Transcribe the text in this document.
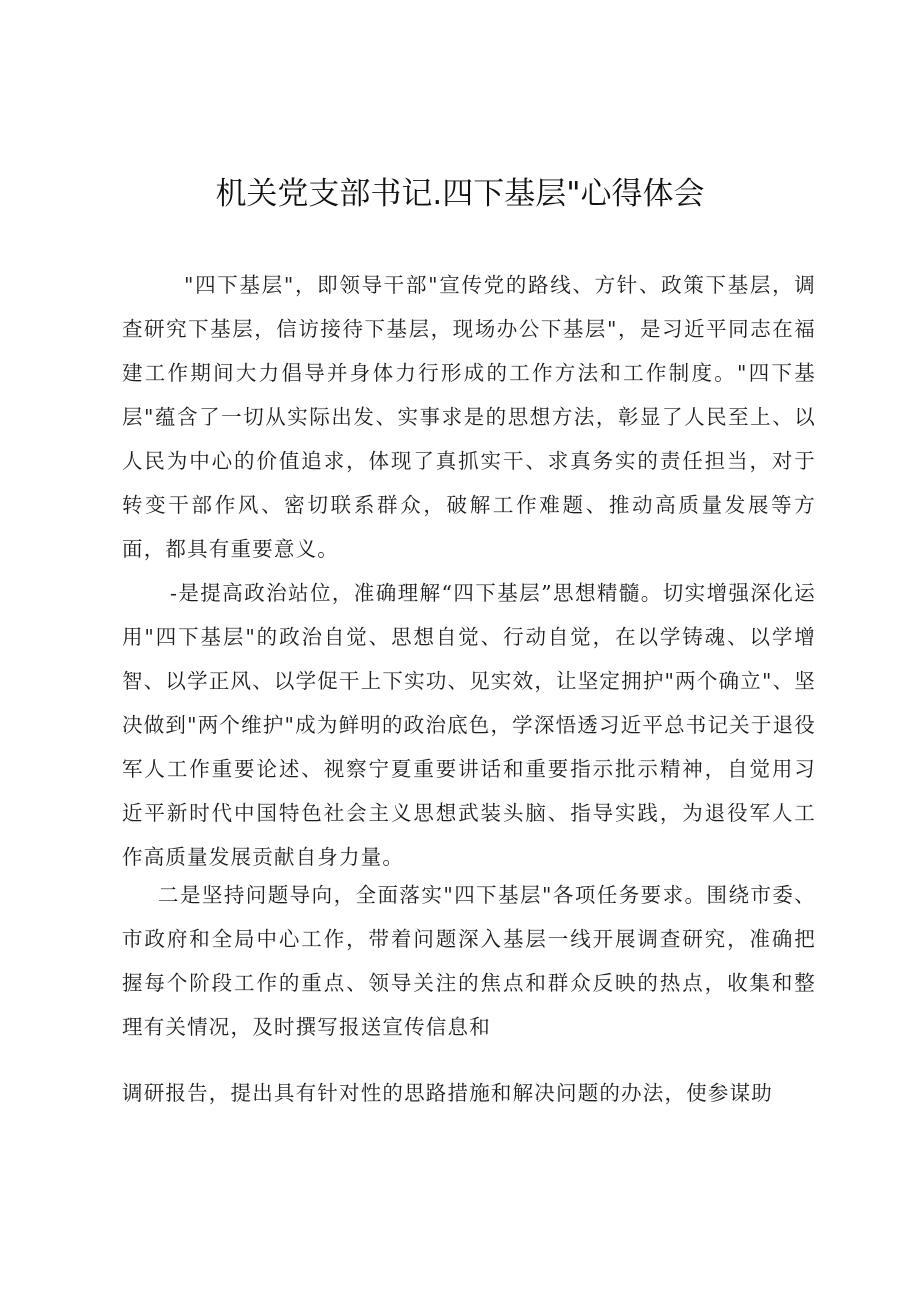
机关党支部书记.四下基层"心得体会

"四下基层"，即领导干部"宣传党的路线、方针、政策下基层，调查研究下基层，信访接待下基层，现场办公下基层"，是习近平同志在福建工作期间大力倡导并身体力行形成的工作方法和工作制度。"四下基层"蕴含了一切从实际出发、实事求是的思想方法，彰显了人民至上、以人民为中心的价值追求，体现了真抓实干、求真务实的责任担当，对于转变干部作风、密切联系群众，破解工作难题、推动高质量发展等方面，都具有重要意义。

-是提高政治站位，准确理解“四下基层”思想精髓。切实增强深化运用"四下基层"的政治自觉、思想自觉、行动自觉，在以学铸魂、以学增智、以学正风、以学促干上下实功、见实效，让坚定拥护"两个确立"、坚决做到"两个维护"成为鲜明的政治底色，学深悟透习近平总书记关于退役军人工作重要论述、视察宁夏重要讲话和重要指示批示精神，自觉用习近平新时代中国特色社会主义思想武装头脑、指导实践，为退役军人工作高质量发展贡献自身力量。

二是坚持问题导向，全面落实"四下基层"各项任务要求。围绕市委、市政府和全局中心工作，带着问题深入基层一线开展调查研究，准确把握每个阶段工作的重点、领导关注的焦点和群众反映的热点，收集和整理有关情况，及时撰写报送宣传信息和

调研报告，提出具有针对性的思路措施和解决问题的办法，使参谋助
